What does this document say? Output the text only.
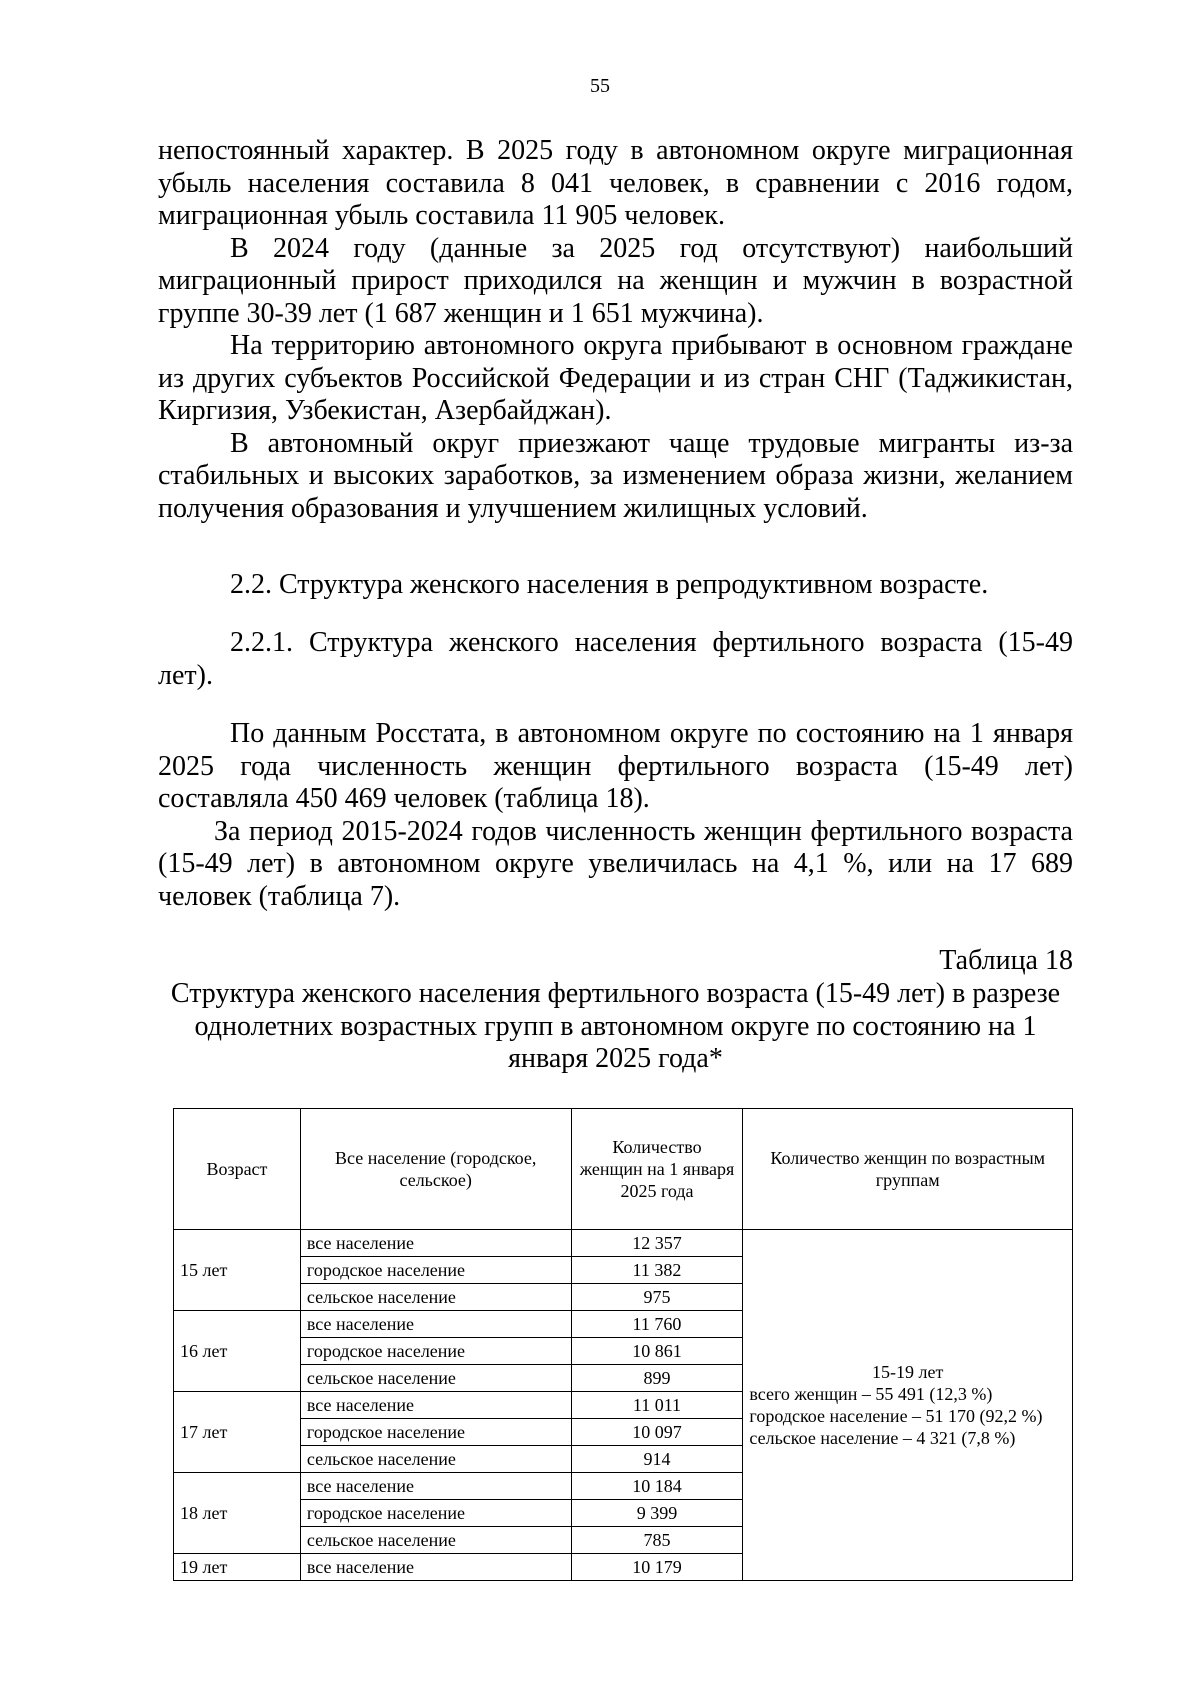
55

непостоянный характер. В 2025 году в автономном округе миграционная убыль населения составила 8 041 человек, в сравнении с 2016 годом, миграционная убыль составила 11 905 человек.

В 2024 году (данные за 2025 год отсутствуют) наибольший миграционный прирост приходился на женщин и мужчин в возрастной группе 30-39 лет (1 687 женщин и 1 651 мужчина).

На территорию автономного округа прибывают в основном граждане из других субъектов Российской Федерации и из стран СНГ (Таджикистан, Киргизия, Узбекистан, Азербайджан).

В автономный округ приезжают чаще трудовые мигранты из-за стабильных и высоких заработков, за изменением образа жизни, желанием получения образования и улучшением жилищных условий.

2.2. Структура женского населения в репродуктивном возрасте.

2.2.1. Структура женского населения фертильного возраста (15-49 лет).

По данным Росстата, в автономном округе по состоянию на 1 января 2025 года численность женщин фертильного возраста (15-49 лет) составляла 450 469 человек (таблица 18).

За период 2015-2024 годов численность женщин фертильного возраста (15-49 лет) в автономном округе увеличилась на 4,1 %, или на 17 689 человек (таблица 7).

Таблица 18
Структура женского населения фертильного возраста (15-49 лет) в разрезе однолетних возрастных групп в автономном округе по состоянию на 1 января 2025 года*
Возраст	Все население (городское, сельское)	Количество женщин на 1 января 2025 года	Количество женщин по возрастным группам
15 лет	все население	12 357	15-19 лет
всего женщин – 55 491 (12,3 %)
городское население – 51 170 (92,2 %)
сельское население – 4 321 (7,8 %)

	городское население	11 382	
	сельское население	975	
16 лет	все население	11 760	
	городское население	10 861	
	сельское население	899	
17 лет	все население	11 011	
	городское население	10 097	
	сельское население	914	
18 лет	все население	10 184	
	городское население	9 399	
	сельское население	785	
19 лет	все население	10 179	
